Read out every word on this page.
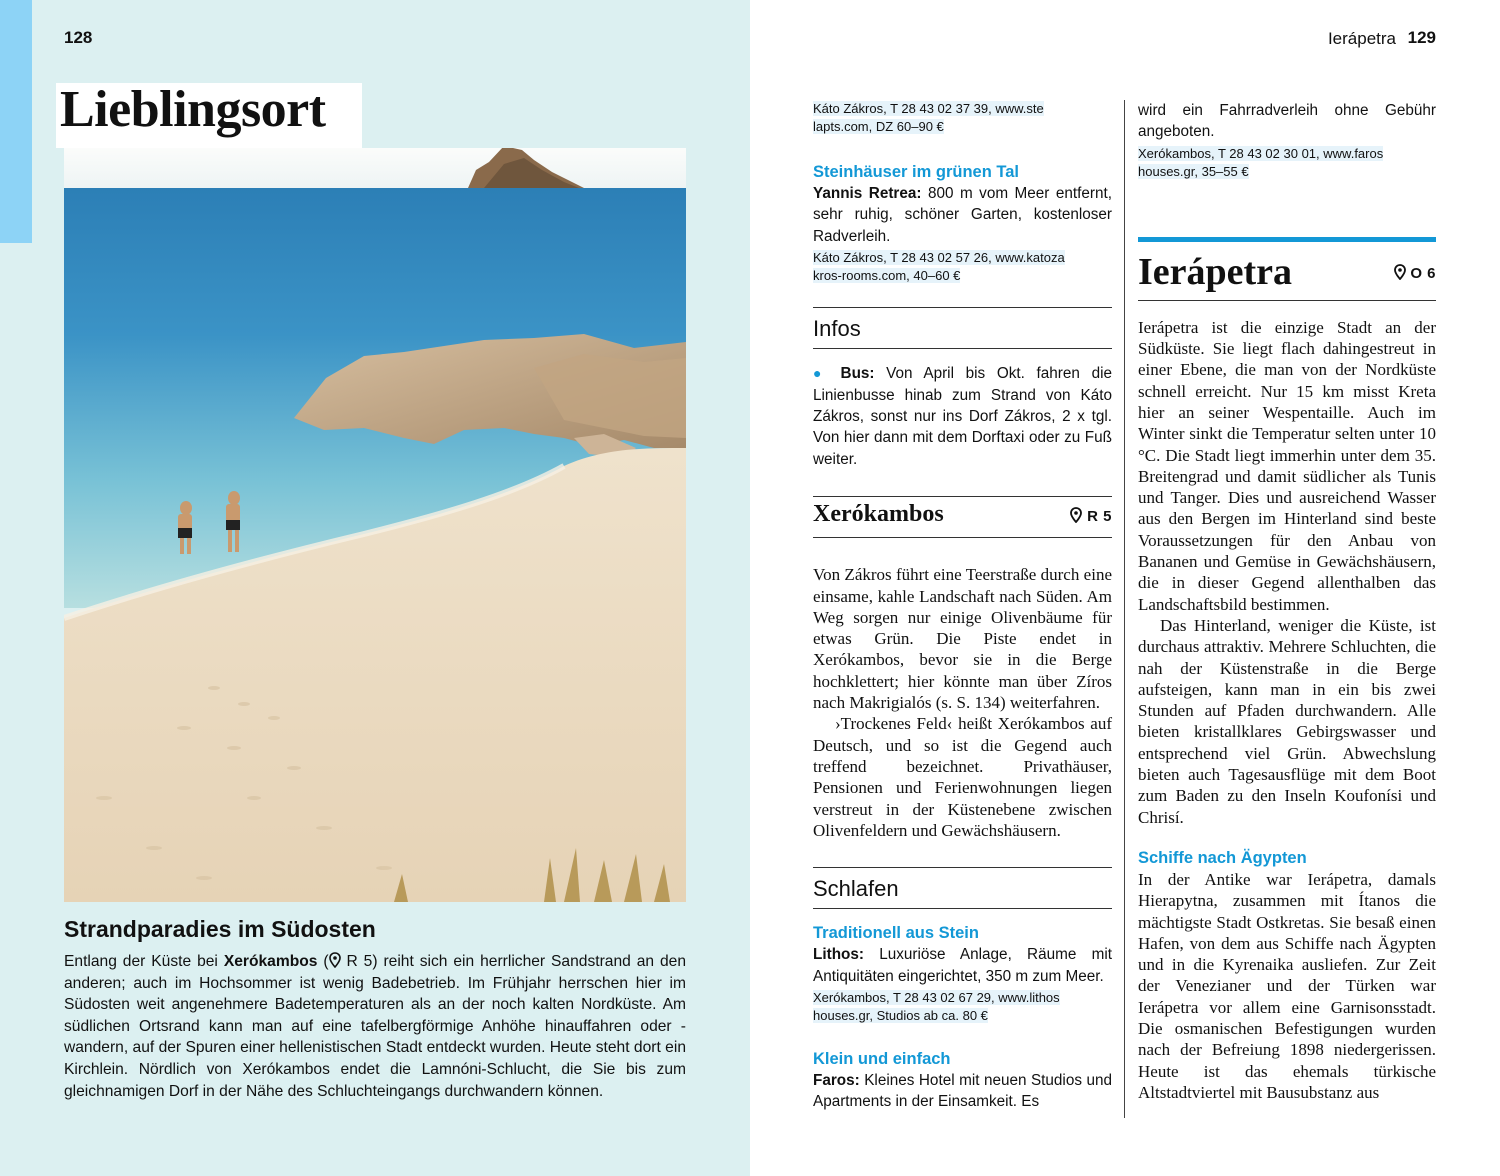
128
Lieblingsort
Strandparadies im Südosten
Entlang der Küste bei Xerókambos ( R 5) reiht sich ein herrlicher Sandstrand an den anderen; auch im Hochsommer ist wenig Badebetrieb. Im Frühjahr herrschen hier im Südosten weit angenehmere Badetemperaturen als an der noch kalten Nordküste. Am südlichen Ortsrand kann man auf eine tafelbergförmige Anhöhe hinauffahren oder -wandern, auf der Spuren einer hellenistischen Stadt entdeckt wurden. Heute steht dort ein Kirchlein. Nördlich von Xerókambos endet die Lamnóni-Schlucht, die Sie bis zum gleichnamigen Dorf in der Nähe des Schluchteingangs durchwandern können.
Ierápetra 129

Káto Zákros, T 28 43 02 37 39, www.ste
lapts.com, DZ 60–90 €

Steinhäuser im grünen Tal

Yannis Retrea: 800 m vom Meer entfernt, sehr ruhig, schöner Garten, kostenloser Radverleih.

Káto Zákros, T 28 43 02 57 26, www.katoza
kros-rooms.com, 40–60 €

Infos

● Bus: Von April bis Okt. fahren die Linienbusse hinab zum Strand von Káto Zákros, sonst nur ins Dorf Zákros, 2 x tgl. Von hier dann mit dem Dorftaxi oder zu Fuß weiter.

Xerókambos	R 5

Von Zákros führt eine Teerstraße durch eine einsame, kahle Landschaft nach Süden. Am Weg sorgen nur einige Olivenbäume für etwas Grün. Die Piste endet in Xerókambos, bevor sie in die Berge hochklettert; hier könnte man über Zíros nach Makrigialós (s. S. 134) weiterfahren.

›Trockenes Feld‹ heißt Xerókambos auf Deutsch, und so ist die Gegend auch treffend bezeichnet. Privathäuser, Pensionen und Ferienwohnungen liegen verstreut in der Küstenebene zwischen Olivenfeldern und Gewächshäusern.

Schlafen
Traditionell aus Stein

Lithos: Luxuriöse Anlage, Räume mit Antiquitäten eingerichtet, 350 m zum Meer.

Xerókambos, T 28 43 02 67 29, www.lithos
houses.gr, Studios ab ca. 80 €

Klein und einfach

Faros: Kleines Hotel mit neuen Studios und Apartments in der Einsamkeit. Es

wird ein Fahrradverleih ohne Gebühr angeboten.

Xerókambos, T 28 43 02 30 01, www.faros
houses.gr, 35–55 €

Ierápetra	O 6

Ierápetra ist die einzige Stadt an der Südküste. Sie liegt flach dahingestreut in einer Ebene, die man von der Nordküste schnell erreicht. Nur 15 km misst Kreta hier an seiner Wespentaille. Auch im Winter sinkt die Temperatur selten unter 10 °C. Die Stadt liegt immerhin unter dem 35. Breitengrad und damit südlicher als Tunis und Tanger. Dies und ausreichend Wasser aus den Bergen im Hinterland sind beste Voraussetzungen für den Anbau von Bananen und Gemüse in Gewächshäusern, die in dieser Gegend allenthalben das Landschaftsbild bestimmen.

Das Hinterland, weniger die Küste, ist durchaus attraktiv. Mehrere Schluchten, die nah der Küstenstraße in die Berge aufsteigen, kann man in ein bis zwei Stunden auf Pfaden durchwandern. Alle bieten kristallklares Gebirgswasser und entsprechend viel Grün. Abwechslung bieten auch Tagesausflüge mit dem Boot zum Baden zu den Inseln Koufonísi und Chrisí.

Schiffe nach Ägypten

In der Antike war Ierápetra, damals Hierapytna, zusammen mit Ítanos die mächtigste Stadt Ostkretas. Sie besaß einen Hafen, von dem aus Schiffe nach Ägypten und in die Kyrenaika ausliefen. Zur Zeit der Venezianer und der Türken war Ierápetra vor allem eine Garnisonsstadt. Die osmanischen Befestigungen wurden nach der Befreiung 1898 niedergerissen. Heute ist das ehemals türkische Altstadtviertel mit Bausubstanz aus
